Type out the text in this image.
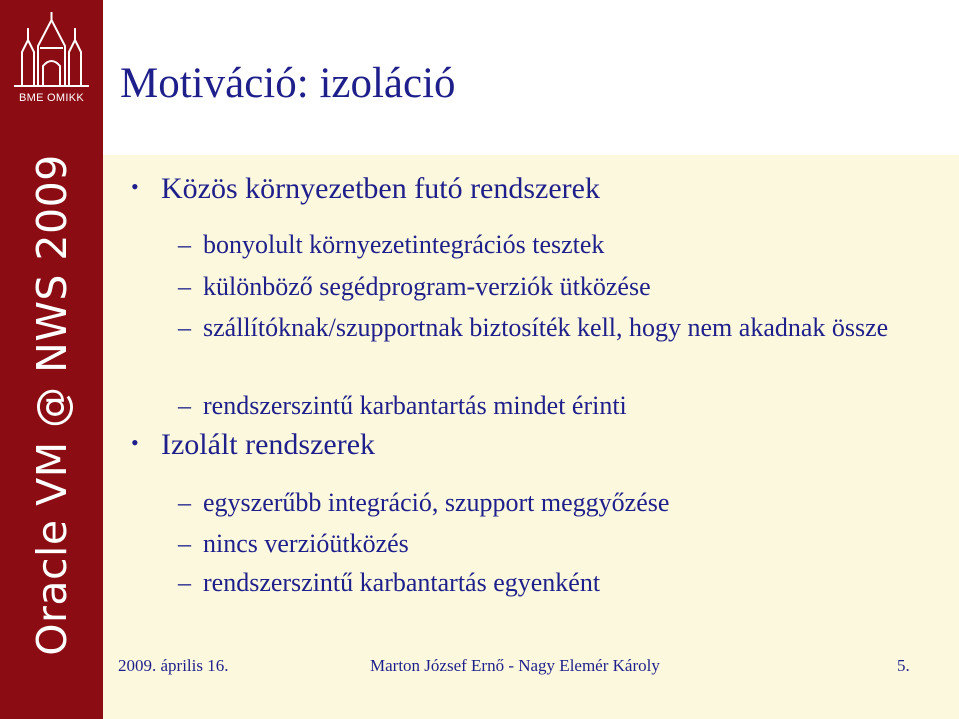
BME OMIKK
Oracle VM @ NWS 2009
Motiváció: izoláció
• Közös környezetben futó rendszerek
– bonyolult környezetintegrációs tesztek
– különböző segédprogram-verziók ütközése
– szállítóknak/szupportnak biztosíték kell, hogy nem akadnak össze
– rendszerszintű karbantartás mindet érinti
• Izolált rendszerek
– egyszerűbb integráció, szupport meggyőzése
– nincs verzióütközés
– rendszerszintű karbantartás egyenként
2009. április 16.	Marton József Ernő - Nagy Elemér Károly	5.
